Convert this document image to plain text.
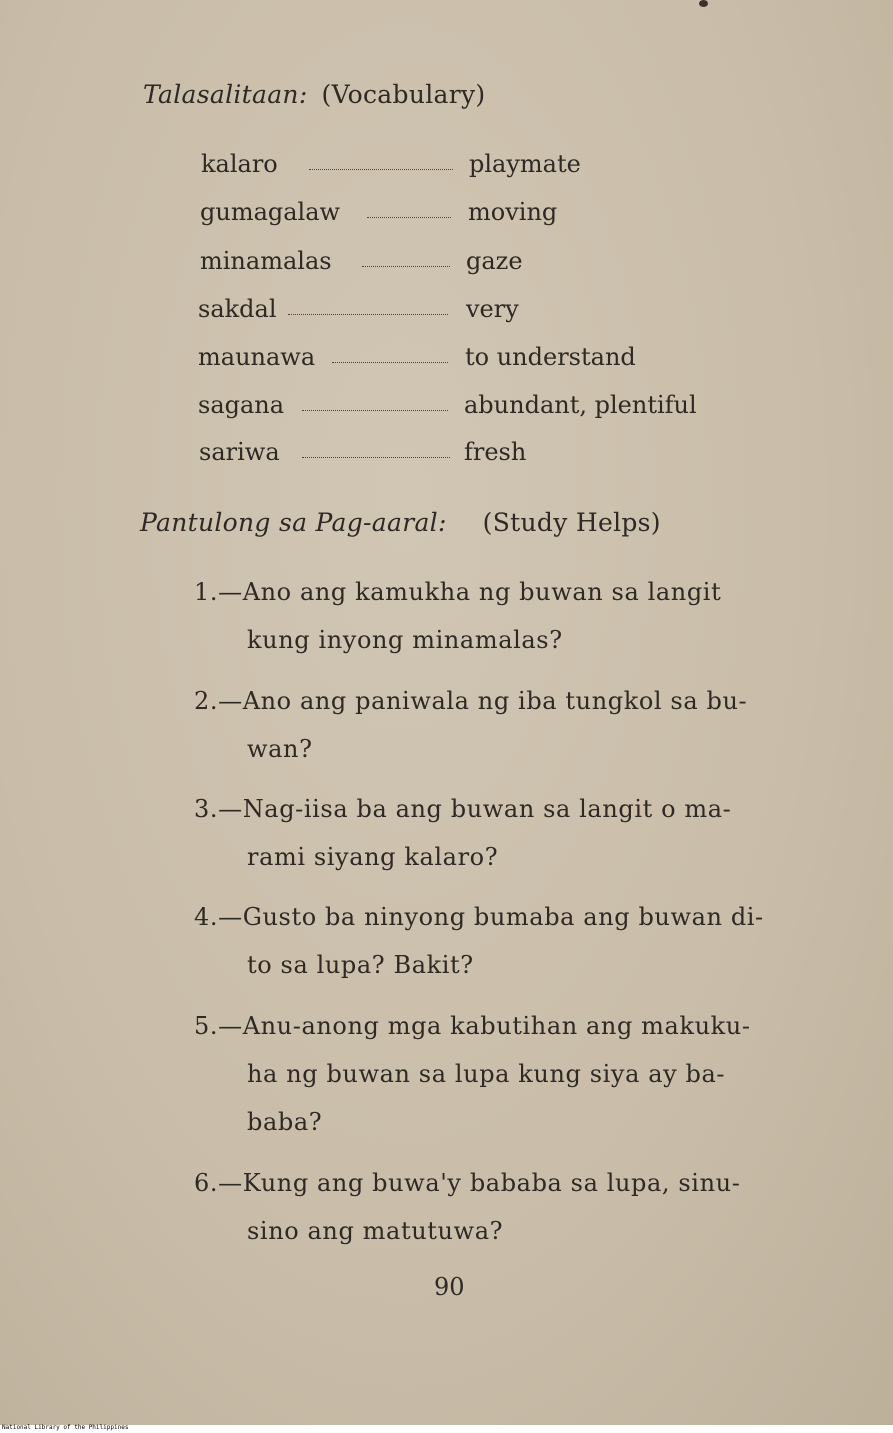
Talasalitaan: (Vocabulary)
kalaro	playmate
gumagalaw	moving
minamalas	gaze
sakdal	very
maunawa	to understand
sagana	abundant, plentiful
sariwa	fresh
Pantulong sa Pag-aaral: (Study Helps)
1.—Ano ang kamukha ng buwan sa langit
kung inyong minamalas?
2.—Ano ang paniwala ng iba tungkol sa bu-
wan?
3.—Nag-iisa ba ang buwan sa langit o ma-
rami siyang kalaro?
4.—Gusto ba ninyong bumaba ang buwan di-
to sa lupa? Bakit?
5.—Anu-anong mga kabutihan ang makuku-
ha ng buwan sa lupa kung siya ay ba-
baba?
6.—Kung ang buwa'y bababa sa lupa, sinu-
sino ang matutuwa?
90
National Library of the Philippines
